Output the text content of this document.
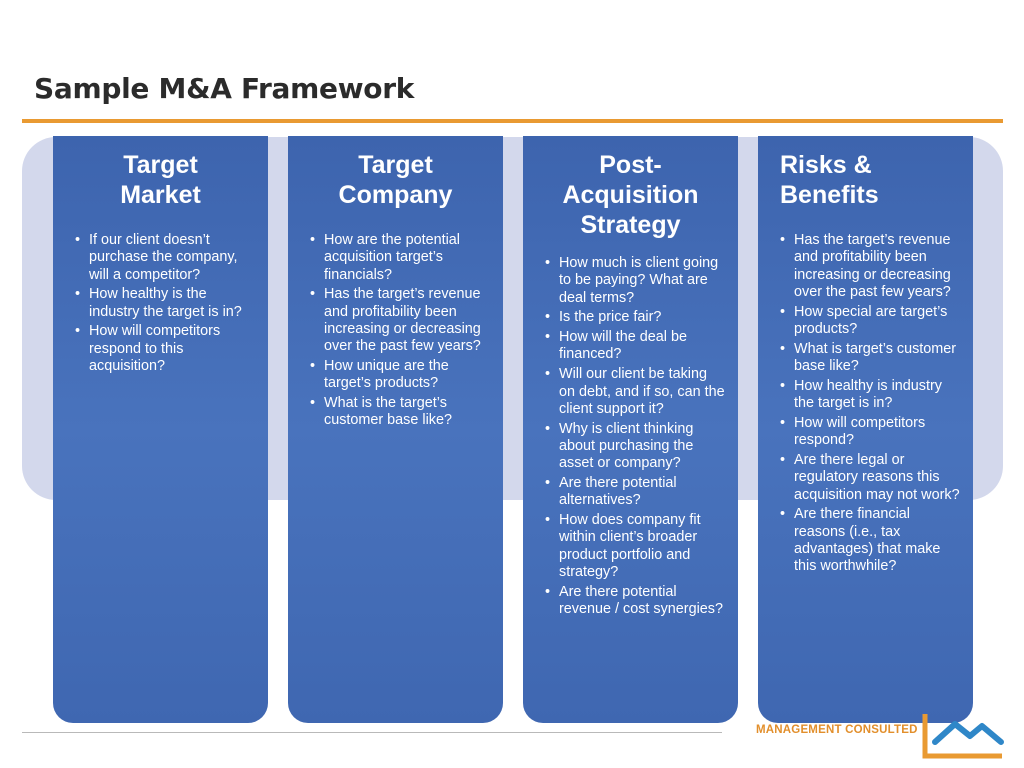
Sample M&A Framework
Target
Market
• If our client doesn’t purchase the company, will a competitor?
• How healthy is the industry the target is in?
• How will competitors respond to this acquisition?
Target
Company
• How are the potential acquisition target’s financials?
• Has the target’s revenue and profitability been increasing or decreasing over the past few years?
• How unique are the target’s products?
• What is the target’s customer base like?
Post-
Acquisition
Strategy
• How much is client going to be paying? What are deal terms?
• Is the price fair?
• How will the deal be financed?
• Will our client be taking on debt, and if so, can the client support it?
• Why is client thinking about purchasing the asset or company?
• Are there potential alternatives?
• How does company fit within client’s broader product portfolio and strategy?
• Are there potential revenue / cost synergies?
Risks &
Benefits
• Has the target’s revenue and profitability been increasing or decreasing over the past few years?
• How special are target’s products?
• What is target’s customer base like?
• How healthy is industry the target is in?
• How will competitors respond?
• Are there legal or regulatory reasons this acquisition may not work?
• Are there financial reasons (i.e., tax advantages) that make this worthwhile?
MANAGEMENT CONSULTED
